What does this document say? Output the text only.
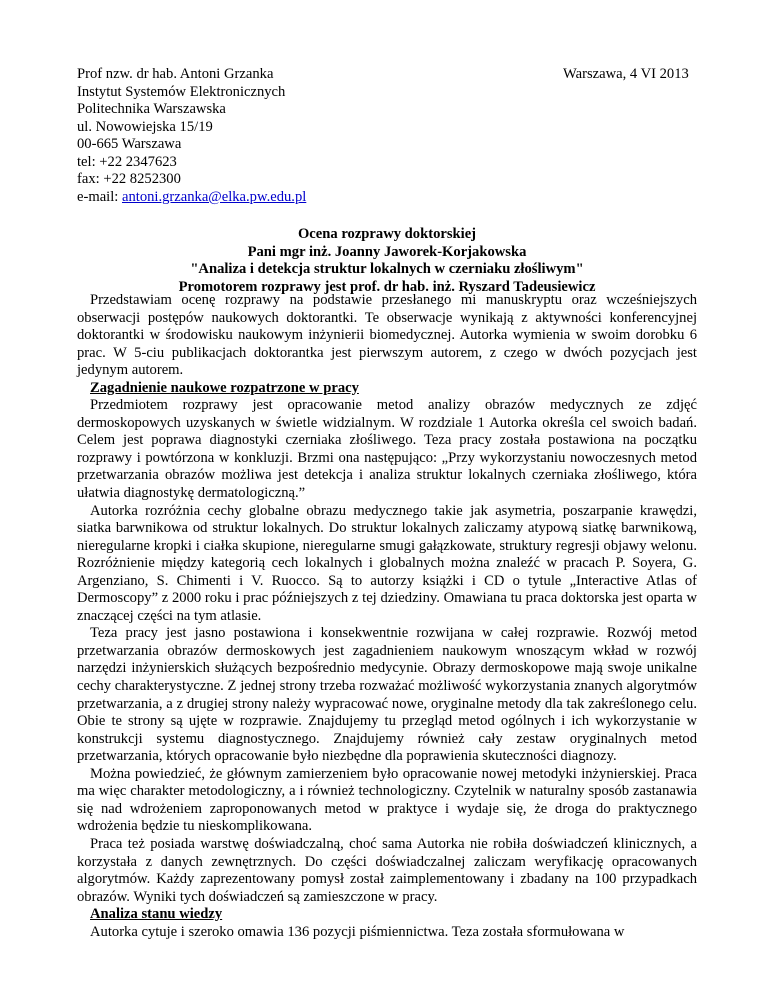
Prof nzw. dr hab. Antoni Grzanka
Instytut Systemów Elektronicznych
Politechnika Warszawska
ul. Nowowiejska 15/19
00-665 Warszawa
tel: +22 2347623
fax: +22 8252300
e-mail: antoni.grzanka@elka.pw.edu.pl
Warszawa, 4 VI 2013
Ocena rozprawy doktorskiej
Pani mgr inż. Joanny Jaworek-Korjakowska
"Analiza i detekcja struktur lokalnych w czerniaku złośliwym"
Promotorem rozprawy jest prof. dr hab. inż. Ryszard Tadeusiewicz

Przedstawiam ocenę rozprawy na podstawie przesłanego mi manuskryptu oraz wcześniejszych obserwacji postępów naukowych doktorantki. Te obserwacje wynikają z aktywności konferencyjnej doktorantki w środowisku naukowym inżynierii biomedycznej. Autorka wymienia w swoim dorobku 6 prac. W 5-ciu publikacjach doktorantka jest pierwszym autorem, z czego w dwóch pozycjach jest jedynym autorem.

Zagadnienie naukowe rozpatrzone w pracy

Przedmiotem rozprawy jest opracowanie metod analizy obrazów medycznych ze zdjęć dermoskopowych uzyskanych w świetle widzialnym. W rozdziale 1 Autorka określa cel swoich badań. Celem jest poprawa diagnostyki czerniaka złośliwego. Teza pracy została postawiona na początku rozprawy i powtórzona w konkluzji. Brzmi ona następująco: „Przy wykorzystaniu nowoczesnych metod przetwarzania obrazów możliwa jest detekcja i analiza struktur lokalnych czerniaka złośliwego, która ułatwia diagnostykę dermatologiczną.”

Autorka rozróżnia cechy globalne obrazu medycznego takie jak asymetria, poszarpanie krawędzi, siatka barwnikowa od struktur lokalnych. Do struktur lokalnych zaliczamy atypową siatkę barwnikową, nieregularne kropki i ciałka skupione, nieregularne smugi gałązkowate, struktury regresji objawy welonu. Rozróżnienie między kategorią cech lokalnych i globalnych można znaleźć w pracach P. Soyera, G. Argenziano, S. Chimenti i V. Ruocco. Są to autorzy książki i CD o tytule „Interactive Atlas of Dermoscopy” z 2000 roku i prac późniejszych z tej dziedziny. Omawiana tu praca doktorska jest oparta w znaczącej części na tym atlasie.

Teza pracy jest jasno postawiona i konsekwentnie rozwijana w całej rozprawie. Rozwój metod przetwarzania obrazów dermoskowych jest zagadnieniem naukowym wnoszącym wkład w rozwój narzędzi inżynierskich służących bezpośrednio medycynie. Obrazy dermoskopowe mają swoje unikalne cechy charakterystyczne. Z jednej strony trzeba rozważać możliwość wykorzystania znanych algorytmów przetwarzania, a z drugiej strony należy wypracować nowe, oryginalne metody dla tak zakreślonego celu. Obie te strony są ujęte w rozprawie. Znajdujemy tu przegląd metod ogólnych i ich wykorzystanie w konstrukcji systemu diagnostycznego. Znajdujemy również cały zestaw oryginalnych metod przetwarzania, których opracowanie było niezbędne dla poprawienia skuteczności diagnozy.

Można powiedzieć, że głównym zamierzeniem było opracowanie nowej metodyki inżynierskiej. Praca ma więc charakter metodologiczny, a i również technologiczny. Czytelnik w naturalny sposób zastanawia się nad wdrożeniem zaproponowanych metod w praktyce i wydaje się, że droga do praktycznego wdrożenia będzie tu nieskomplikowana.

Praca też posiada warstwę doświadczalną, choć sama Autorka nie robiła doświadczeń klinicznych, a korzystała z danych zewnętrznych. Do części doświadczalnej zaliczam weryfikację opracowanych algorytmów. Każdy zaprezentowany pomysł został zaimplementowany i zbadany na 100 przypadkach obrazów. Wyniki tych doświadczeń są zamieszczone w pracy.

Analiza stanu wiedzy

Autorka cytuje i szeroko omawia 136 pozycji piśmiennictwa. Teza została sformułowana w
